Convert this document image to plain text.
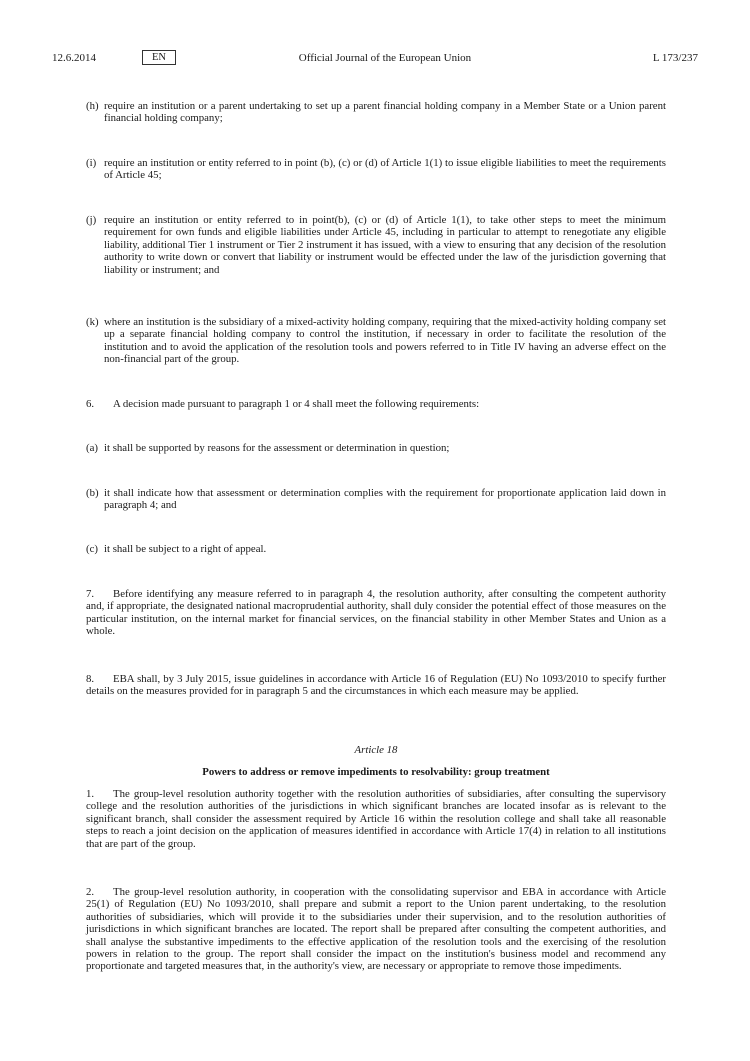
12.6.2014	EN	Official Journal of the European Union	L 173/237
(h) require an institution or a parent undertaking to set up a parent financial holding company in a Member State or a Union parent financial holding company;
(i) require an institution or entity referred to in point (b), (c) or (d) of Article 1(1) to issue eligible liabilities to meet the requirements of Article 45;
(j) require an institution or entity referred to in point(b), (c) or (d) of Article 1(1), to take other steps to meet the minimum requirement for own funds and eligible liabilities under Article 45, including in particular to attempt to renegotiate any eligible liability, additional Tier 1 instrument or Tier 2 instrument it has issued, with a view to ensuring that any decision of the resolution authority to write down or convert that liability or instrument would be effected under the law of the jurisdiction governing that liability or instrument; and
(k) where an institution is the subsidiary of a mixed-activity holding company, requiring that the mixed-activity holding company set up a separate financial holding company to control the institution, if necessary in order to facilitate the resolution of the institution and to avoid the application of the resolution tools and powers referred to in Title IV having an adverse effect on the non-financial part of the group.
6. A decision made pursuant to paragraph 1 or 4 shall meet the following requirements:
(a) it shall be supported by reasons for the assessment or determination in question;
(b) it shall indicate how that assessment or determination complies with the requirement for proportionate application laid down in paragraph 4; and
(c) it shall be subject to a right of appeal.
7. Before identifying any measure referred to in paragraph 4, the resolution authority, after consulting the competent authority and, if appropriate, the designated national macroprudential authority, shall duly consider the potential effect of those measures on the particular institution, on the internal market for financial services, on the financial stability in other Member States and Union as a whole.
8. EBA shall, by 3 July 2015, issue guidelines in accordance with Article 16 of Regulation (EU) No 1093/2010 to specify further details on the measures provided for in paragraph 5 and the circumstances in which each measure may be applied.
Article 18
Powers to address or remove impediments to resolvability: group treatment
1. The group-level resolution authority together with the resolution authorities of subsidiaries, after consulting the supervisory college and the resolution authorities of the jurisdictions in which significant branches are located insofar as is relevant to the significant branch, shall consider the assessment required by Article 16 within the resolution college and shall take all reasonable steps to reach a joint decision on the application of measures identified in accordance with Article 17(4) in relation to all institutions that are part of the group.
2. The group-level resolution authority, in cooperation with the consolidating supervisor and EBA in accordance with Article 25(1) of Regulation (EU) No 1093/2010, shall prepare and submit a report to the Union parent undertaking, to the resolution authorities of subsidiaries, which will provide it to the subsidiaries under their supervision, and to the resolution authorities of jurisdictions in which significant branches are located. The report shall be prepared after consulting the competent authorities, and shall analyse the substantive impediments to the effective application of the resolution tools and the exercising of the resolution powers in relation to the group. The report shall consider the impact on the institution's business model and recommend any proportionate and targeted measures that, in the authority's view, are necessary or appropriate to remove those impediments.
